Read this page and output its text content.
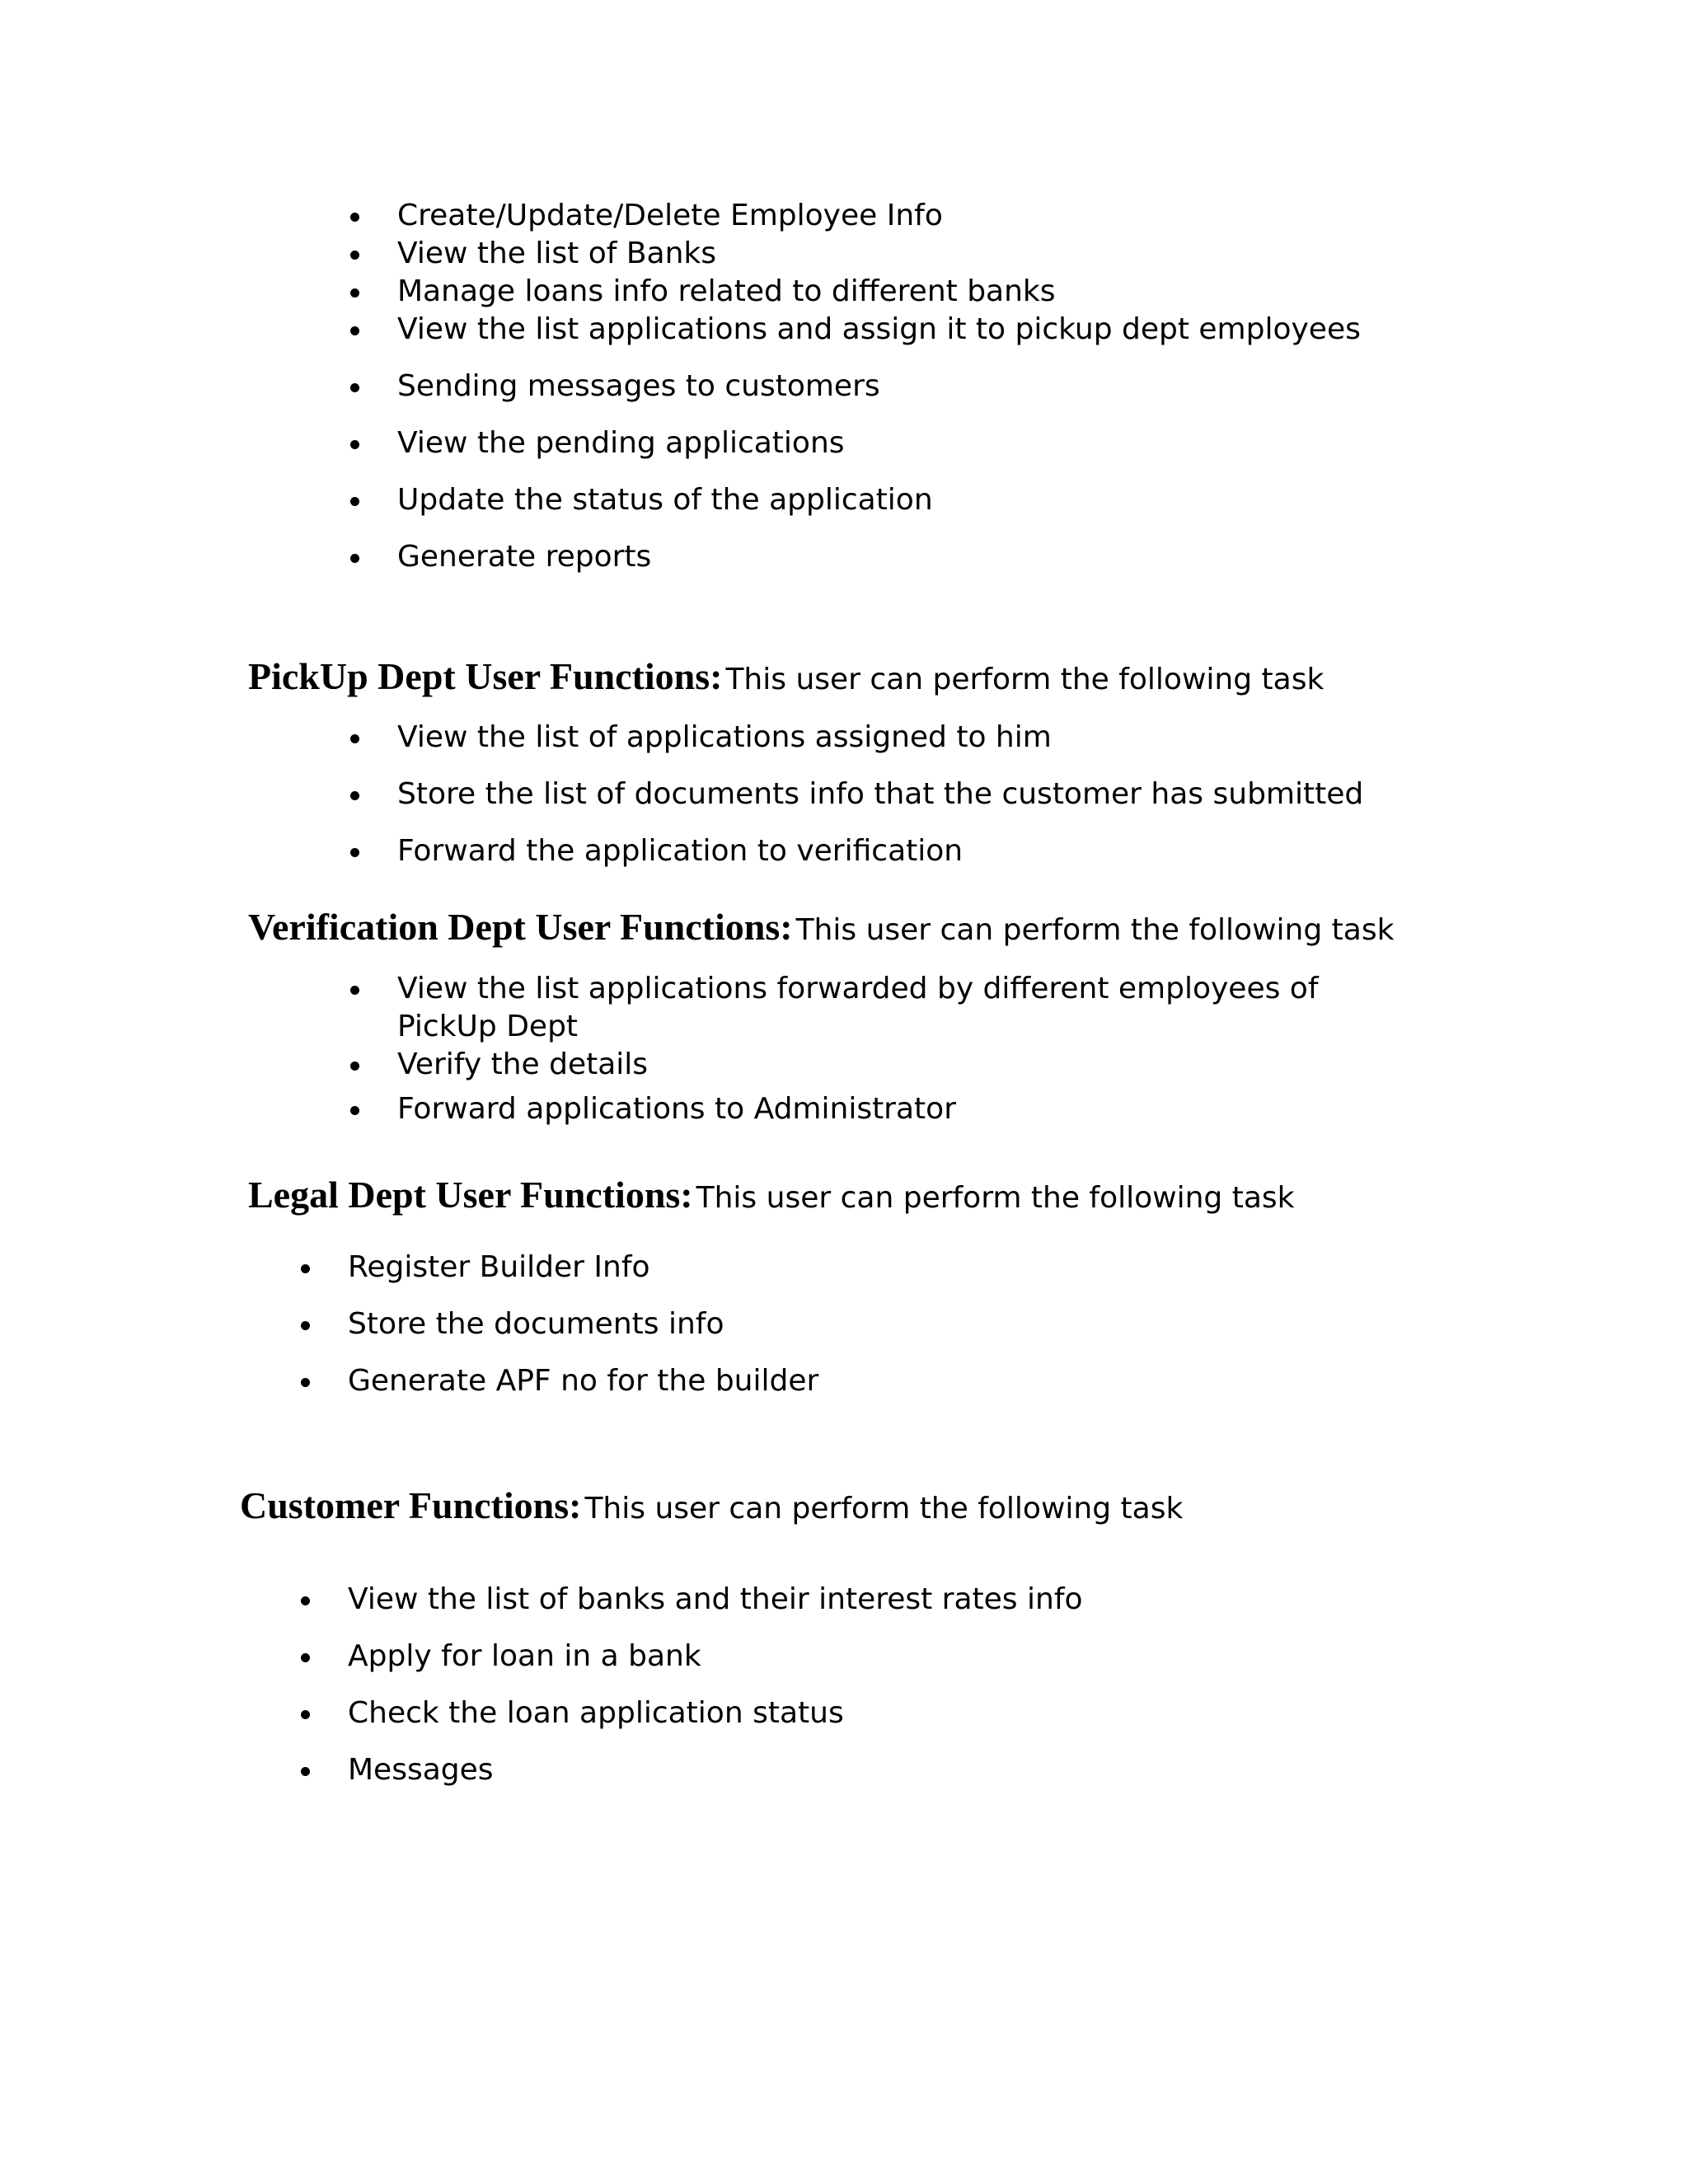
Create/Update/Delete Employee Info
View the list of Banks
Manage loans info related to different banks
View the list applications and assign it to pickup dept employees
Sending messages to customers
View the pending applications
Update the status of the application
Generate reports
PickUp Dept User Functions: This user can perform the following task
View the list of applications assigned to him
Store the list of documents info that the customer has submitted
Forward the application to verification
Verification Dept User Functions: This user can perform the following task
View the list applications forwarded by different employees of PickUp Dept
Verify the details
Forward applications to Administrator
Legal Dept User Functions: This user can perform the following task
Register Builder Info
Store the documents info
Generate APF no for the builder
Customer Functions: This user can perform the following task
View the list of banks and their interest rates info
Apply for loan in a bank
Check the loan application status
Messages
